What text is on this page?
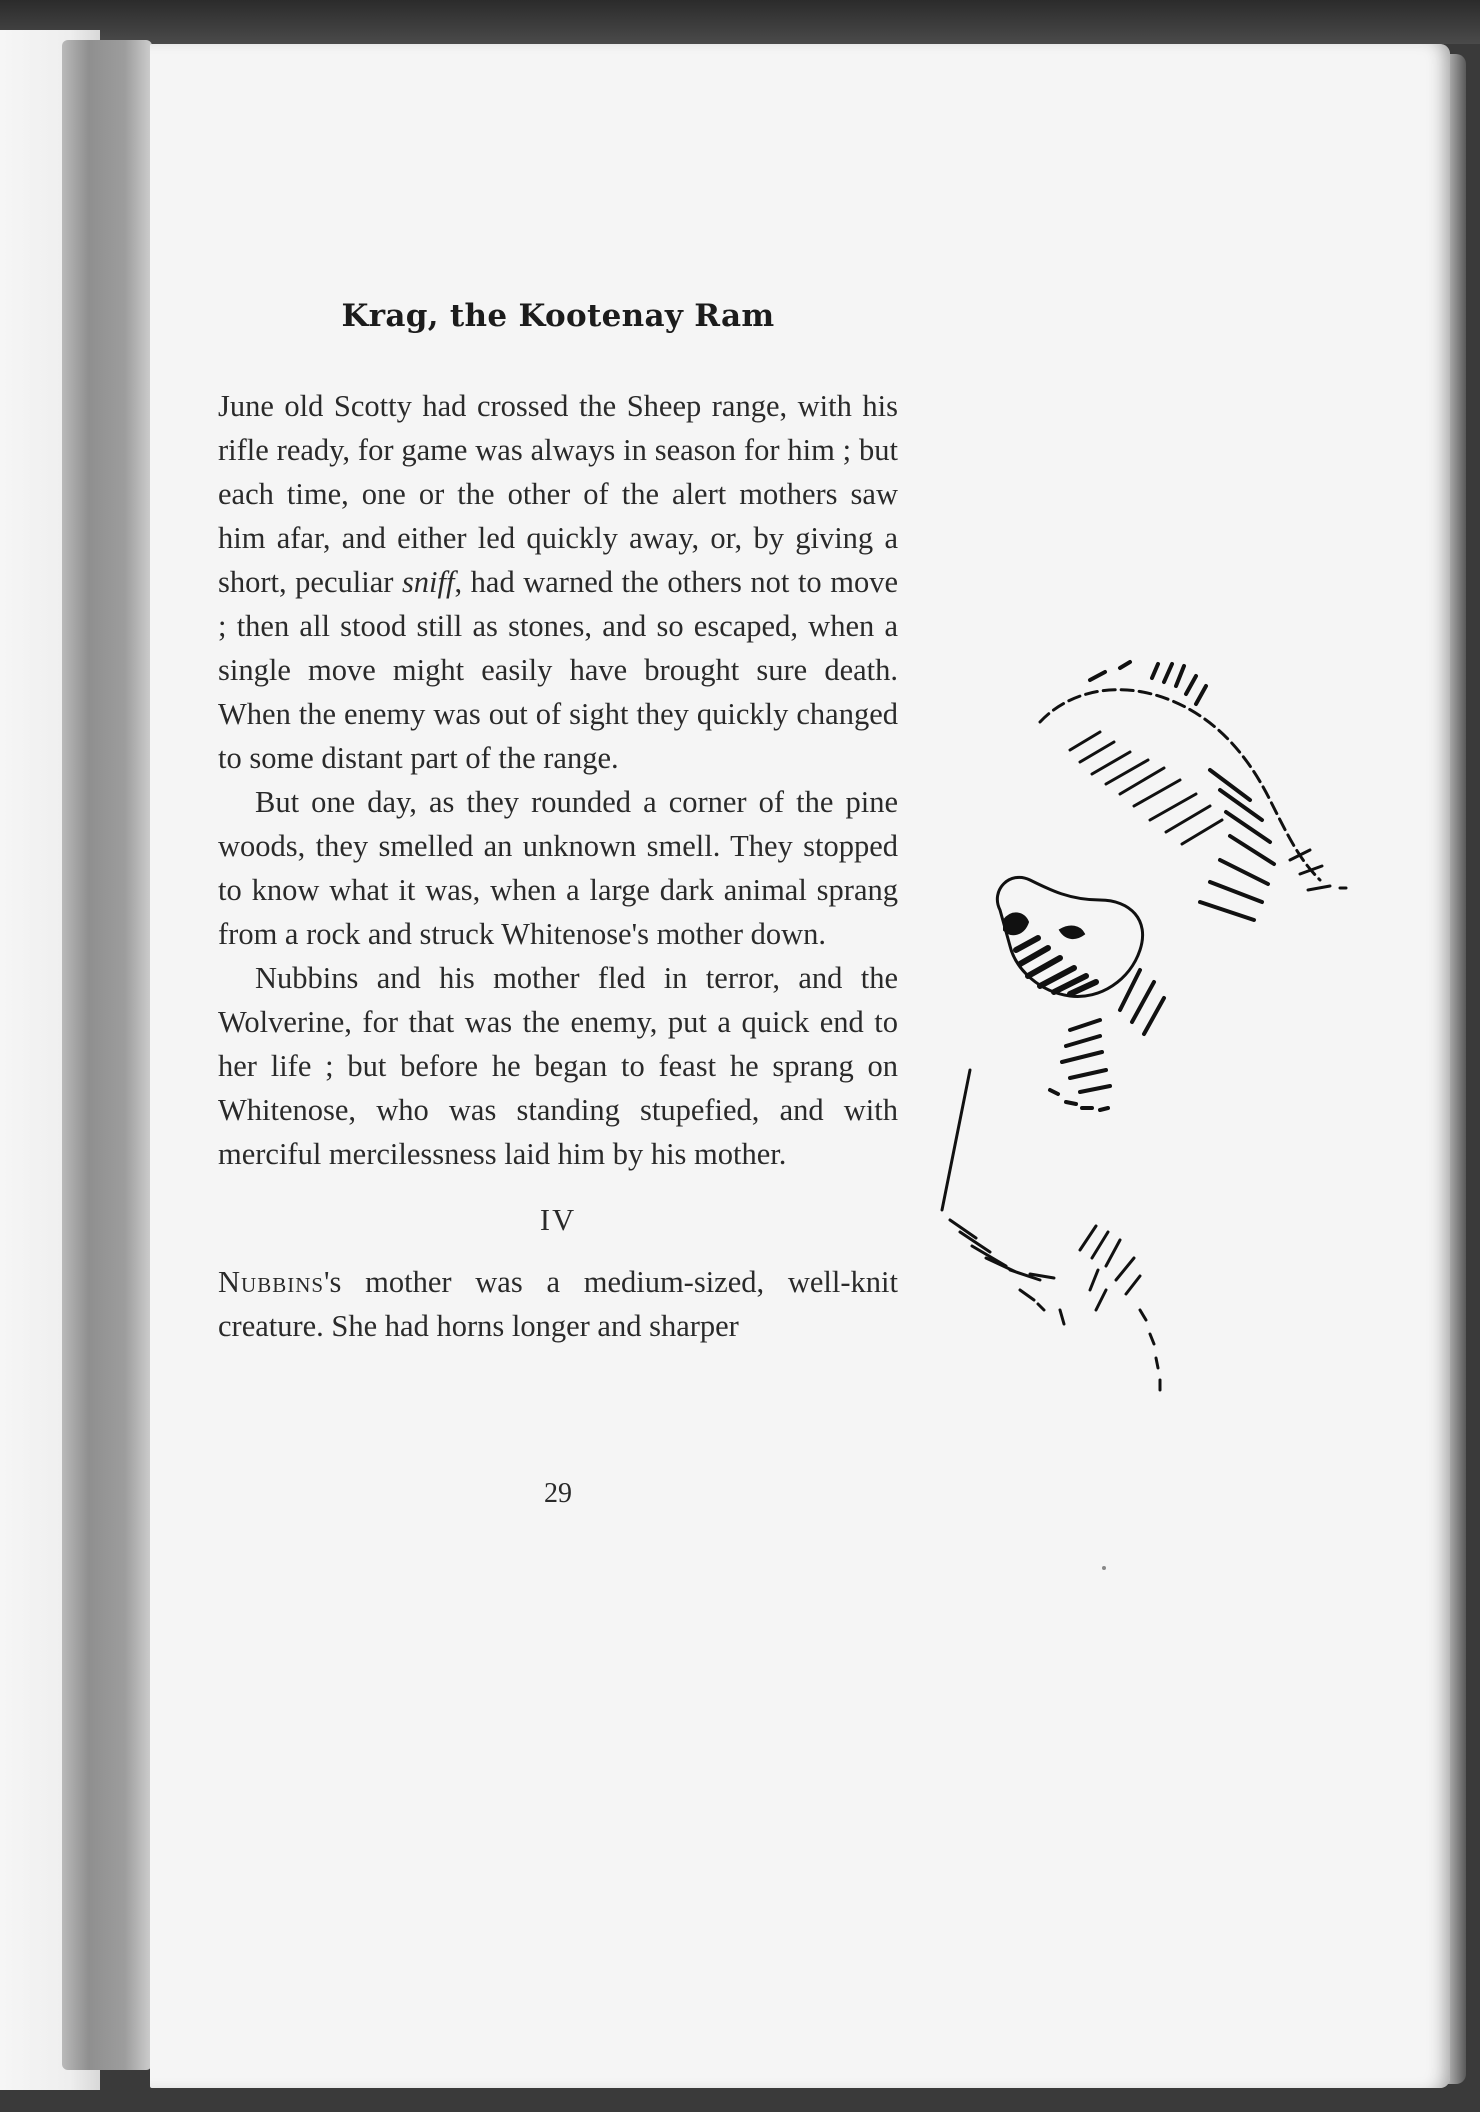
Krag, the Kootenay Ram

June old Scotty had crossed the Sheep range, with his rifle ready, for game was always in season for him ; but each time, one or the other of the alert mothers saw him afar, and either led quickly away, or, by giving a short, peculiar sniff, had warned the others not to move ; then all stood still as stones, and so escaped, when a single move might easily have brought sure death. When the enemy was out of sight they quickly changed to some distant part of the range.

But one day, as they rounded a corner of the pine woods, they smelled an unknown smell. They stopped to know what it was, when a large dark animal sprang from a rock and struck Whitenose's mother down.

Nubbins and his mother fled in terror, and the Wolverine, for that was the enemy, put a quick end to her life ; but before he began to feast he sprang on Whitenose, who was standing stupefied, and with merciful mercilessness laid him by his mother.

IV

Nubbins's mother was a medium-sized, well-knit creature. She had horns longer and sharper

29
